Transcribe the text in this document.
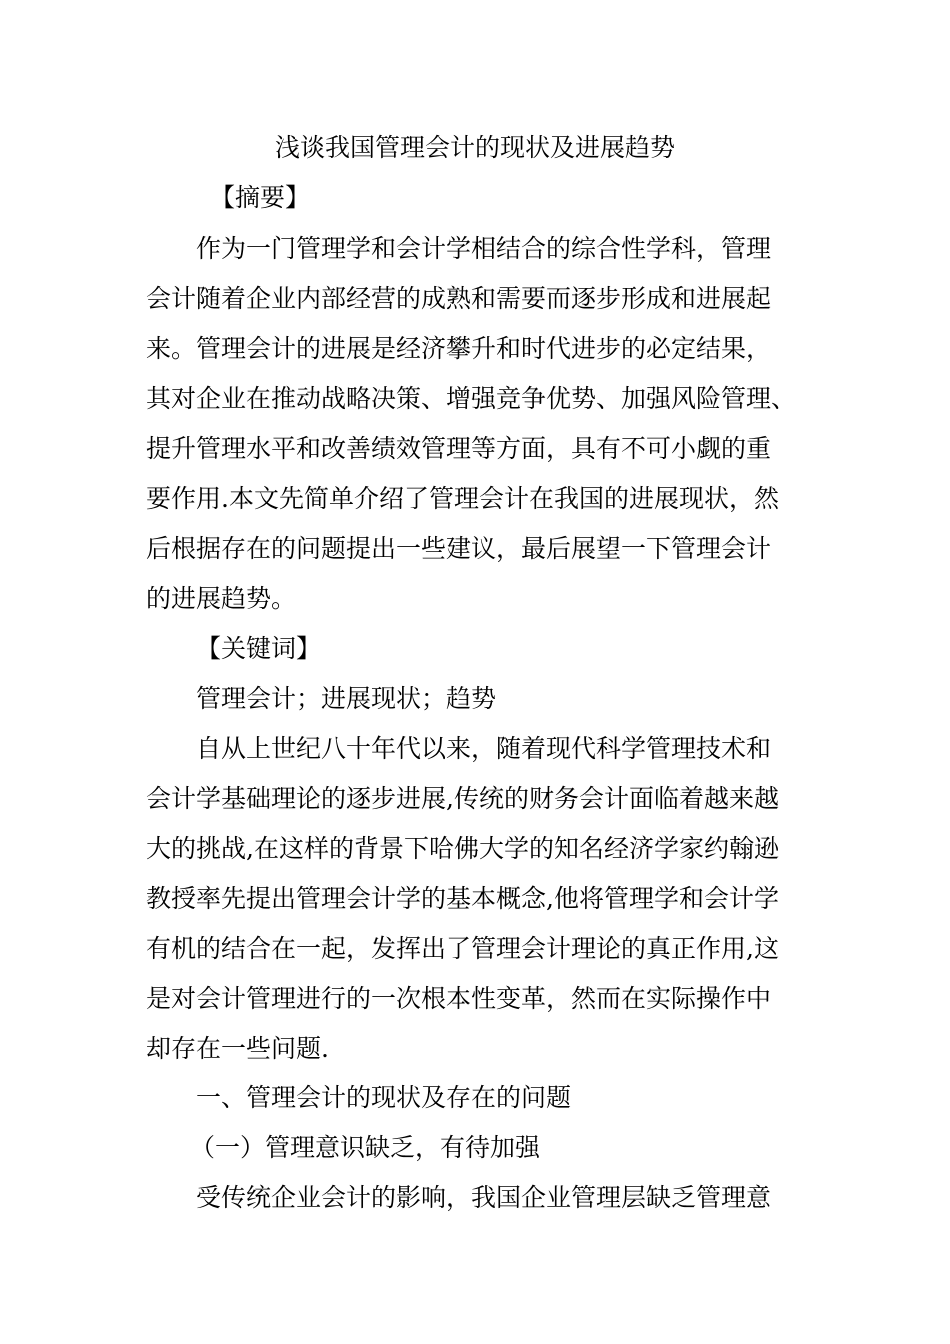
浅谈我国管理会计的现状及进展趋势
【摘要】
作为一门管理学和会计学相结合的综合性学科，管理
会计随着企业内部经营的成熟和需要而逐步形成和进展起
来。管理会计的进展是经济攀升和时代进步的必定结果，
其对企业在推动战略决策、增强竞争优势、加强风险管理、
提升管理水平和改善绩效管理等方面，具有不可小觑的重
要作用.本文先简单介绍了管理会计在我国的进展现状，然
后根据存在的问题提出一些建议，最后展望一下管理会计
的进展趋势。
【关键词】
管理会计；进展现状；趋势
自从上世纪八十年代以来，随着现代科学管理技术和
会计学基础理论的逐步进展,传统的财务会计面临着越来越
大的挑战,在这样的背景下哈佛大学的知名经济学家约翰逊
教授率先提出管理会计学的基本概念,他将管理学和会计学
有机的结合在一起，发挥出了管理会计理论的真正作用,这
是对会计管理进行的一次根本性变革，然而在实际操作中
却存在一些问题.
一、管理会计的现状及存在的问题
（一）管理意识缺乏，有待加强
受传统企业会计的影响，我国企业管理层缺乏管理意
